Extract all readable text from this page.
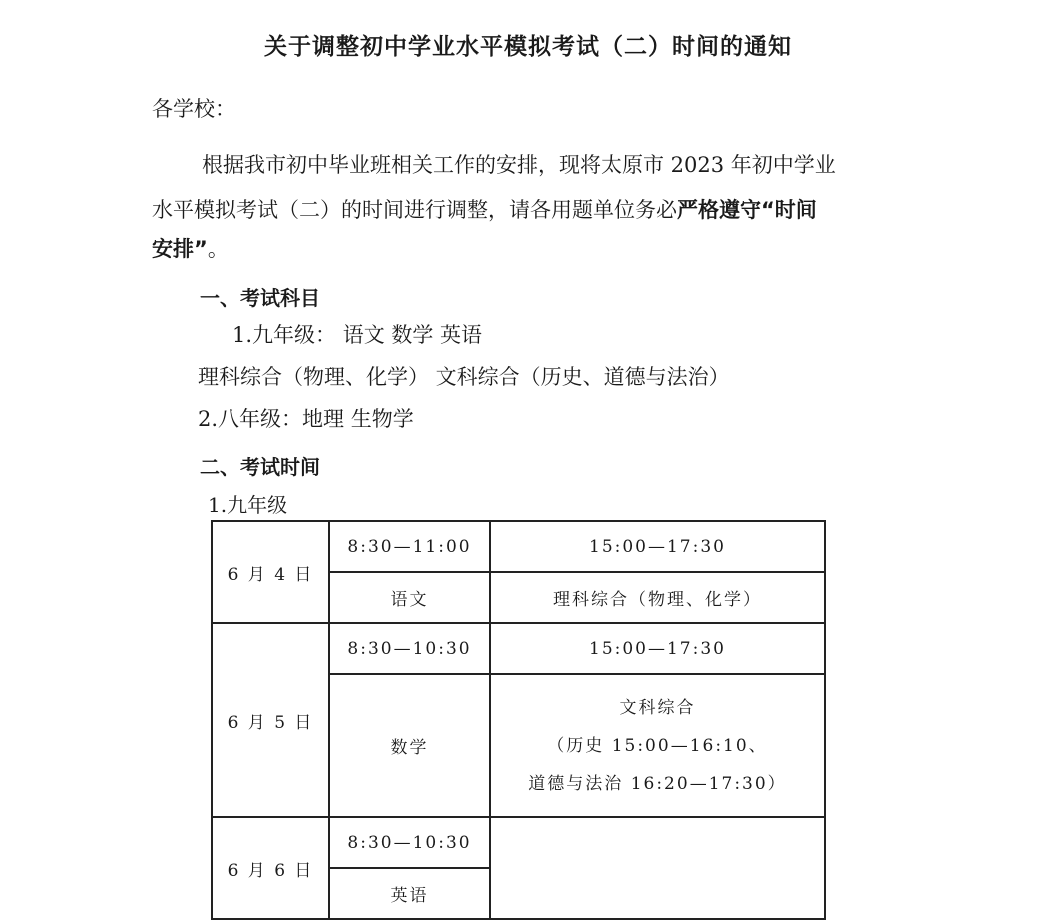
关于调整初中学业水平模拟考试（二）时间的通知
各学校：
根据我市初中毕业班相关工作的安排，现将太原市 2023 年初中学业
水平模拟考试（二）的时间进行调整，请各用题单位务必严格遵守“时间
安排”。
一、考试科目
1.九年级： 语文 数学 英语
理科综合（物理、化学） 文科综合（历史、道德与法治）
2.八年级：地理 生物学
二、考试时间
1.九年级
6 月 4 日	8:30—11:00	15:00—17:30
	语文	理科综合（物理、化学）
6 月 5 日	8:30—10:30	15:00—17:30
	数学	文科综合
（历史 15:00—16:10、
道德与法治 16:20—17:30）

6 月 6 日	8:30—10:30	
	英语	
